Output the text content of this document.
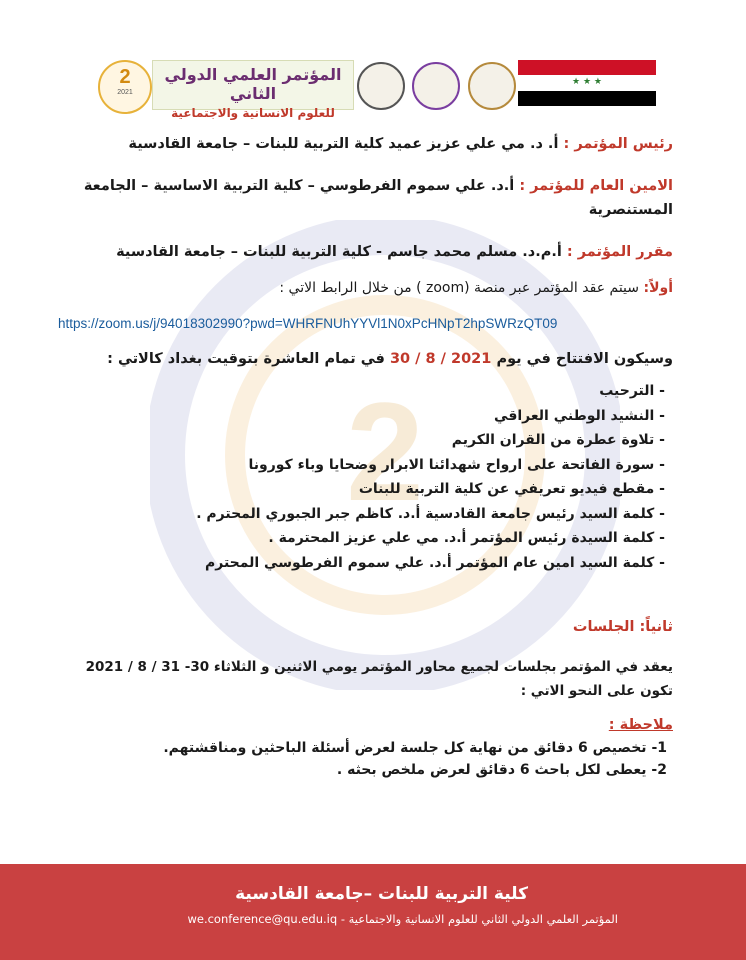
2
★ ★ ★
المؤتمر العلمي الدولي الثاني
للعلوم الانسانية والاجتماعية
2
2021

رئيس المؤتمر : أ. د. مي علي عزيز عميد كلية التربية للبنات – جامعة القادسية

الامين العام للمؤتمر : أ.د. علي سموم الفرطوسي – كلية التربية الاساسية – الجامعة المستنصرية

مقرر المؤتمر : أ.م.د. مسلم محمد جاسم - كلية التربية للبنات – جامعة القادسية

أولاً: سيتم عقد المؤتمر عبر منصة (zoom ) من خلال الرابط الاتي :

https://zoom.us/j/94018302990?pwd=WHRFNUhYYVl1N0xPcHNpT2hpSWRzQT09

وسيكون الافتتاح في يوم 30 / 8 / 2021 في تمام العاشرة بتوقيت بغداد كالاتي :

- الترحيب
- النشيد الوطني العراقي
- تلاوة عطرة من القران الكريم
- سورة الفاتحة على ارواح شهدائنا الابرار وضحايا وباء كورونا
- مقطع فيديو تعريفي عن كلية التربية للبنات
- كلمة السيد رئيس جامعة القادسية أ.د. كاظم جبر الجبوري المحترم .
- كلمة السيدة رئيس المؤتمر أ.د. مي علي عزيز المحترمة .
- كلمة السيد امين عام المؤتمر أ.د. علي سموم الفرطوسي المحترم

ثانياً: الجلسات

يعقد في المؤتمر بجلسات لجميع محاور المؤتمر يومي الاثنين و الثلاثاء 30- 31 / 8 / 2021 تكون على النحو الاتي :

ملاحظة :

1- تخصيص 6 دقائق من نهاية كل جلسة لعرض أسئلة الباحثين ومناقشتهم.

2- يعطى لكل باحث 6 دقائق لعرض ملخص بحثه .

كلية التربية للبنات –جامعة القادسية
المؤتمر العلمي الدولي الثاني للعلوم الانسانية والاجتماعية - we.conference@qu.edu.iq
